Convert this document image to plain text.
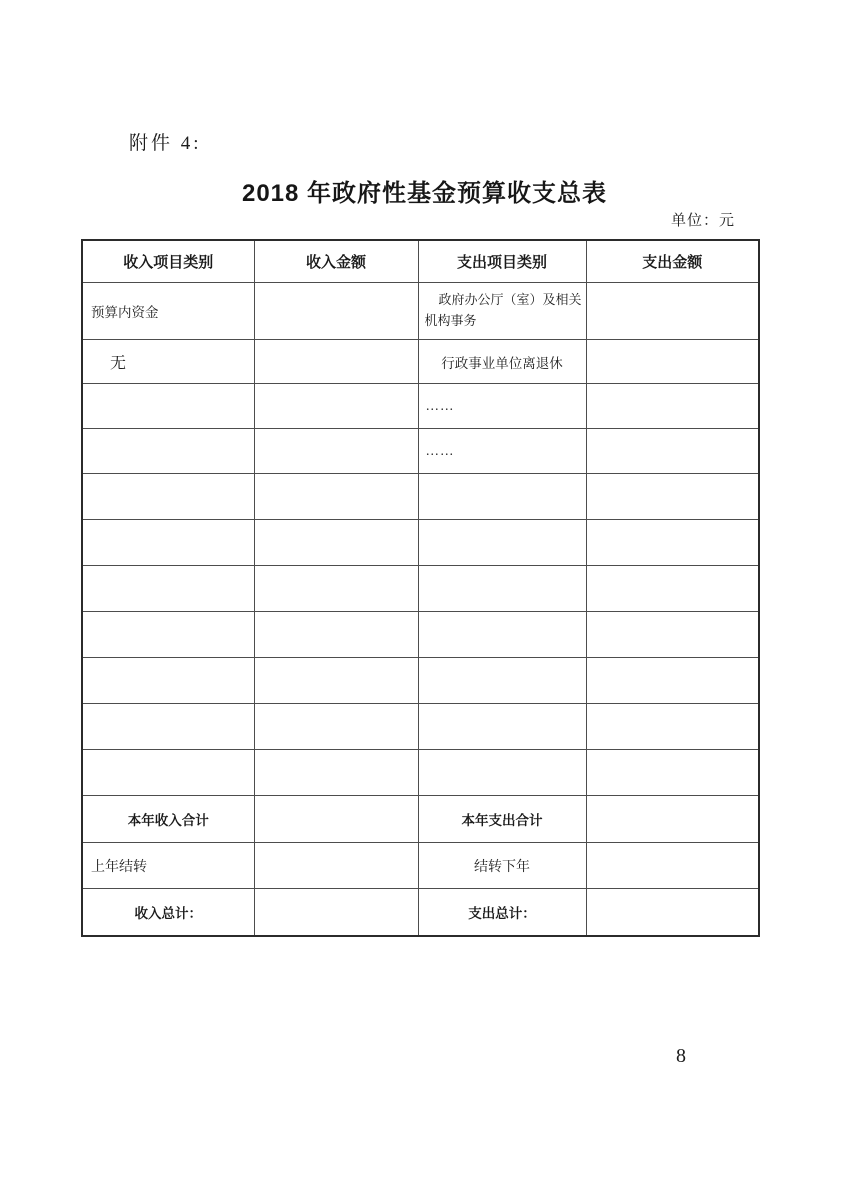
附件 4:
2018 年政府性基金预算收支总表
单位：元
收入项目类别	收入金额	支出项目类别	支出金额
预算内资金		政府办公厅（室）及相关机构事务	
无		行政事业单位离退休	
		……	
		……	

本年收入合计		本年支出合计	
上年结转		结转下年	
收入总计：		支出总计：	
8
